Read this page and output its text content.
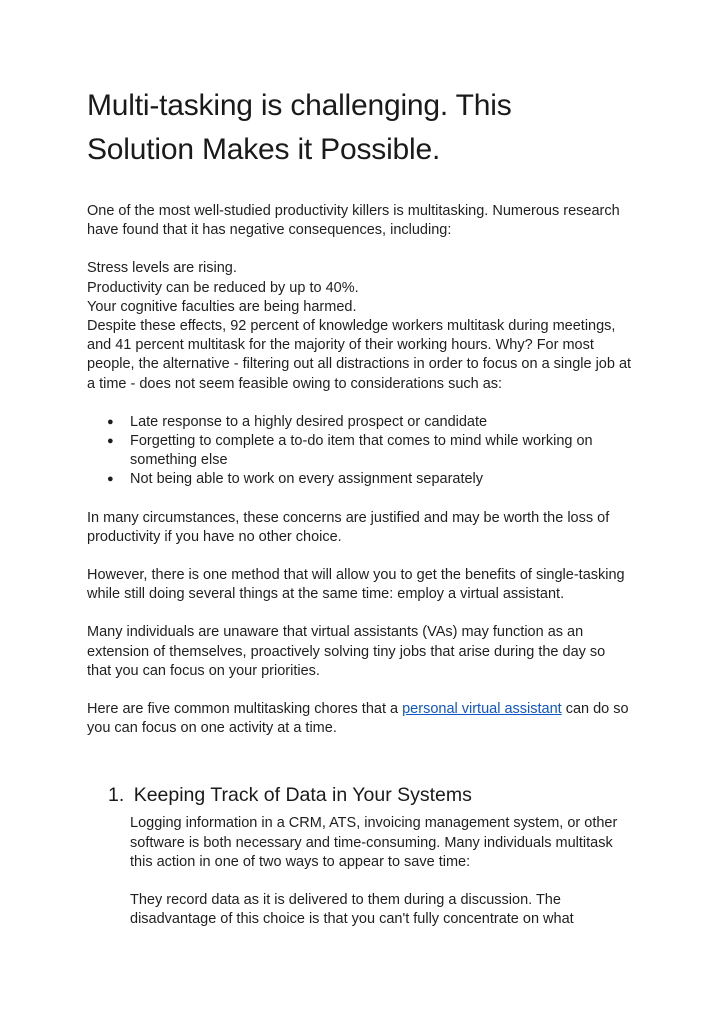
Multi-tasking is challenging. This
Solution Makes it Possible.

One of the most well-studied productivity killers is multitasking. Numerous research
have found that it has negative consequences, including:

Stress levels are rising.
Productivity can be reduced by up to 40%.
Your cognitive faculties are being harmed.
Despite these effects, 92 percent of knowledge workers multitask during meetings,
and 41 percent multitask for the majority of their working hours. Why? For most
people, the alternative - filtering out all distractions in order to focus on a single job at
a time - does not seem feasible owing to considerations such as:

● Late response to a highly desired prospect or candidate
● Forgetting to complete a to-do item that comes to mind while working on
something else
● Not being able to work on every assignment separately

In many circumstances, these concerns are justified and may be worth the loss of
productivity if you have no other choice.

However, there is one method that will allow you to get the benefits of single-tasking
while still doing several things at the same time: employ a virtual assistant.

Many individuals are unaware that virtual assistants (VAs) may function as an
extension of themselves, proactively solving tiny jobs that arise during the day so
that you can focus on your priorities.

Here are five common multitasking chores that a personal virtual assistant can do so
you can focus on one activity at a time.

1. Keeping Track of Data in Your Systems

Logging information in a CRM, ATS, invoicing management system, or other
software is both necessary and time-consuming. Many individuals multitask
this action in one of two ways to appear to save time:

They record data as it is delivered to them during a discussion. The
disadvantage of this choice is that you can't fully concentrate on what
